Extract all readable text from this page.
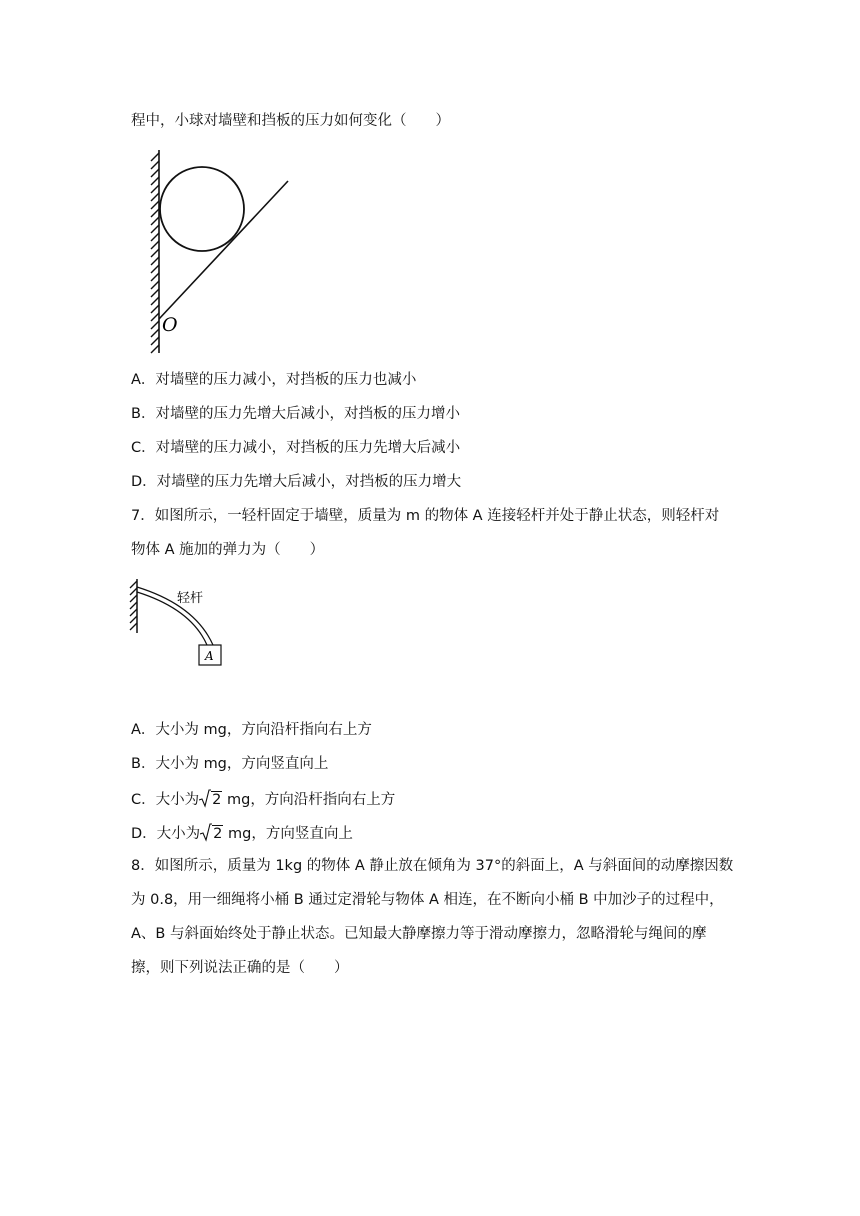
程中，小球对墙壁和挡板的压力如何变化（　　）
O
A．对墙壁的压力减小，对挡板的压力也减小
B．对墙壁的压力先增大后减小，对挡板的压力增小
C．对墙壁的压力减小，对挡板的压力先增大后减小
D．对墙壁的压力先增大后减小，对挡板的压力增大
7．如图所示，一轻杆固定于墙壁，质量为 m 的物体 A 连接轻杆并处于静止状态，则轻杆对
物体 A 施加的弹力为（　　）
轻杆
A
A．大小为 mg，方向沿杆指向右上方
B．大小为 mg，方向竖直向上
C．大小为 2 mg，方向沿杆指向右上方
D．大小为 2 mg，方向竖直向上
8．如图所示，质量为 1kg 的物体 A 静止放在倾角为 37°的斜面上，A 与斜面间的动摩擦因数
为 0.8，用一细绳将小桶 B 通过定滑轮与物体 A 相连，在不断向小桶 B 中加沙子的过程中，
A、B 与斜面始终处于静止状态。已知最大静摩擦力等于滑动摩擦力，忽略滑轮与绳间的摩
擦，则下列说法正确的是（　　）
